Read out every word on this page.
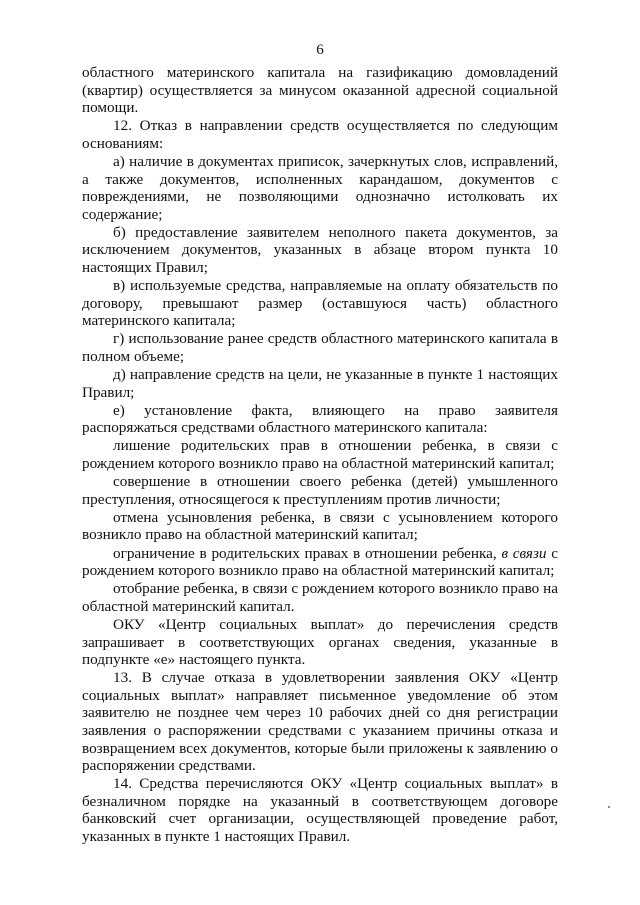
6

областного материнского капитала на газификацию домовладений (квартир) осуществляется за минусом оказанной адресной социальной помощи.

12. Отказ в направлении средств осуществляется по следующим основаниям:

а) наличие в документах приписок, зачеркнутых слов, исправлений, а также документов, исполненных карандашом, документов с повреждениями, не позволяющими однозначно истолковать их содержание;

б) предоставление заявителем неполного пакета документов, за исключением документов, указанных в абзаце втором пункта 10 настоящих Правил;

в) используемые средства, направляемые на оплату обязательств по договору, превышают размер (оставшуюся часть) областного материнского капитала;

г) использование ранее средств областного материнского капитала в полном объеме;

д) направление средств на цели, не указанные в пункте 1 настоящих Правил;

е) установление факта, влияющего на право заявителя распоряжаться средствами областного материнского капитала:

лишение родительских прав в отношении ребенка, в связи с рождением которого возникло право на областной материнский капитал;

совершение в отношении своего ребенка (детей) умышленного преступления, относящегося к преступлениям против личности;

отмена усыновления ребенка, в связи с усыновлением которого возникло право на областной материнский капитал;

ограничение в родительских правах в отношении ребенка, в связи с рождением которого возникло право на областной материнский капитал;

отобрание ребенка, в связи с рождением которого возникло право на областной материнский капитал.

ОКУ «Центр социальных выплат» до перечисления средств запрашивает в соответствующих органах сведения, указанные в подпункте «е» настоящего пункта.

13. В случае отказа в удовлетворении заявления ОКУ «Центр социальных выплат» направляет письменное уведомление об этом заявителю не позднее чем через 10 рабочих дней со дня регистрации заявления о распоряжении средствами с указанием причины отказа и возвращением всех документов, которые были приложены к заявлению о распоряжении средствами.

14. Средства перечисляются ОКУ «Центр социальных выплат» в безналичном порядке на указанный в соответствующем договоре банковский счет организации, осуществляющей проведение работ, указанных в пункте 1 настоящих Правил.
